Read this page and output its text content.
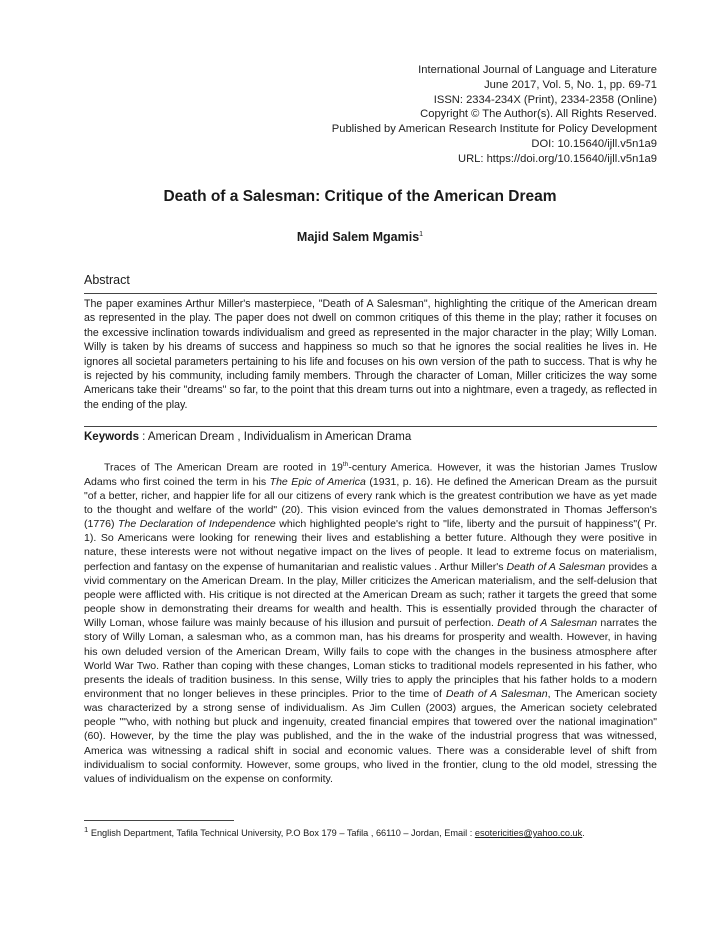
International Journal of Language and Literature
June 2017, Vol. 5, No. 1, pp. 69-71
ISSN: 2334-234X (Print), 2334-2358 (Online)
Copyright © The Author(s). All Rights Reserved.
Published by American Research Institute for Policy Development
DOI: 10.15640/ijll.v5n1a9
URL: https://doi.org/10.15640/ijll.v5n1a9
Death of a Salesman: Critique of the American Dream
Majid Salem Mgamis$^1$
Abstract
The paper examines Arthur Miller's masterpiece, "Death of A Salesman", highlighting the critique of the American dream as represented in the play. The paper does not dwell on common critiques of this theme in the play; rather it focuses on the excessive inclination towards individualism and greed as represented in the major character in the play; Willy Loman. Willy is taken by his dreams of success and happiness so much so that he ignores the social realities he lives in. He ignores all societal parameters pertaining to his life and focuses on his own version of the path to success. That is why he is rejected by his community, including family members. Through the character of Loman, Miller criticizes the way some Americans take their "dreams" so far, to the point that this dream turns out into a nightmare, even a tragedy, as reflected in the ending of the play.
Keywords : American Dream , Individualism in American Drama
Traces of The American Dream are rooted in 19th-century America. However, it was the historian James Truslow Adams who first coined the term in his The Epic of America (1931, p. 16). He defined the American Dream as the pursuit "of a better, richer, and happier life for all our citizens of every rank which is the greatest contribution we have as yet made to the thought and welfare of the world" (20). This vision evinced from the values demonstrated in Thomas Jefferson's (1776) The Declaration of Independence which highlighted people's right to "life, liberty and the pursuit of happiness"( Pr. 1). So Americans were looking for renewing their lives and establishing a better future. Although they were positive in nature, these interests were not without negative impact on the lives of people. It lead to extreme focus on materialism, perfection and fantasy on the expense of humanitarian and realistic values . Arthur Miller's Death of A Salesman provides a vivid commentary on the American Dream. In the play, Miller criticizes the American materialism, and the self-delusion that people were afflicted with. His critique is not directed at the American Dream as such; rather it targets the greed that some people show in demonstrating their dreams for wealth and health. This is essentially provided through the character of Willy Loman, whose failure was mainly because of his illusion and pursuit of perfection. Death of A Salesman narrates the story of Willy Loman, a salesman who, as a common man, has his dreams for prosperity and wealth. However, in having his own deluded version of the American Dream, Willy fails to cope with the changes in the business atmosphere after World War Two. Rather than coping with these changes, Loman sticks to traditional models represented in his father, who presents the ideals of tradition business. In this sense, Willy tries to apply the principles that his father holds to a modern environment that no longer believes in these principles. Prior to the time of Death of A Salesman, The American society was characterized by a strong sense of individualism. As Jim Cullen (2003) argues, the American society celebrated people ""who, with nothing but pluck and ingenuity, created financial empires that towered over the national imagination" (60). However, by the time the play was published, and the in the wake of the industrial progress that was witnessed, America was witnessing a radical shift in social and economic values. There was a considerable level of shift from individualism to social conformity. However, some groups, who lived in the frontier, clung to the old model, stressing the values of individualism on the expense on conformity.
$^1$ English Department, Tafila Technical University, P.O Box 179 – Tafila , 66110 – Jordan, Email : esotericities@yahoo.co.uk.
